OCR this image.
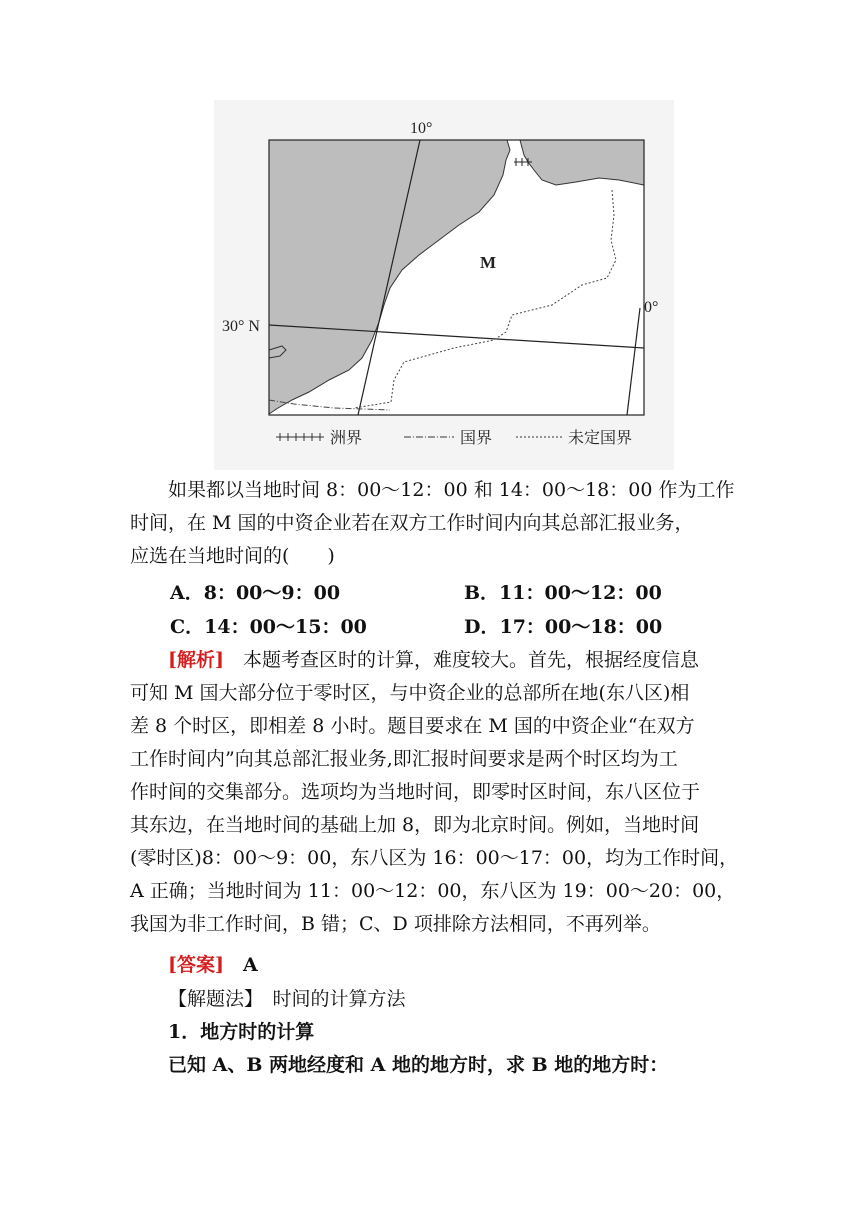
10°
0°
30° N
M
洲界	国界	未定国界

如果都以当地时间 8：00～12：00 和 14：00～18：00 作为工作
时间，在 M 国的中资企业若在双方工作时间内向其总部汇报业务，
应选在当地时间的(　　)

A．8：00～9：00	B．11：00～12：00
C．14：00～15：00	D．17：00～18：00

[解析]　 本题考查区时的计算，难度较大。首先，根据经度信息
可知 M 国大部分位于零时区，与中资企业的总部所在地(东八区)相
差 8 个时区，即相差 8 小时。题目要求在 M 国的中资企业“在双方
工作时间内”向其总部汇报业务,即汇报时间要求是两个时区均为工
作时间的交集部分。选项均为当地时间，即零时区时间，东八区位于
其东边，在当地时间的基础上加 8，即为北京时间。例如，当地时间
(零时区)8：00～9：00，东八区为 16：00～17：00，均为工作时间，
A 正确；当地时间为 11：00～12：00，东八区为 19：00～20：00，
我国为非工作时间，B 错；C、D 项排除方法相同，不再列举。

[答案]　 A

【解题法】　时间的计算方法
1．地方时的计算
已知 A、B 两地经度和 A 地的地方时，求 B 地的地方时：
